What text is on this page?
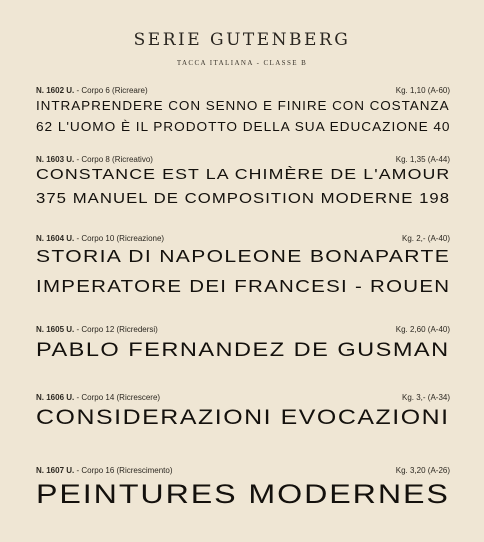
SERIE GUTENBERG
TACCA ITALIANA - CLASSE B
N. 1602 U. - Corpo 6 (Ricreare)	Kg. 1,10 (A-60)
INTRAPRENDERE CON SENNO E FINIRE CON COSTANZA
62 L'UOMO È IL PRODOTTO DELLA SUA EDUCAZIONE 40
N. 1603 U. - Corpo 8 (Ricreativo)	Kg. 1,35 (A-44)
CONSTANCE EST LA CHIMÈRE DE L'AMOUR
375 MANUEL DE COMPOSITION MODERNE 198
N. 1604 U. - Corpo 10 (Ricreazione)	Kg. 2,- (A-40)
STORIA DI NAPOLEONE BONAPARTE
IMPERATORE DEI FRANCESI - ROUEN
N. 1605 U. - Corpo 12 (Ricredersi)	Kg. 2,60 (A-40)
PABLO FERNANDEZ DE GUSMAN
N. 1606 U. - Corpo 14 (Ricrescere)	Kg. 3,- (A-34)
CONSIDERAZIONI EVOCAZIONI
N. 1607 U. - Corpo 16 (Ricrescimento)	Kg. 3,20 (A-26)
PEINTURES MODERNES
